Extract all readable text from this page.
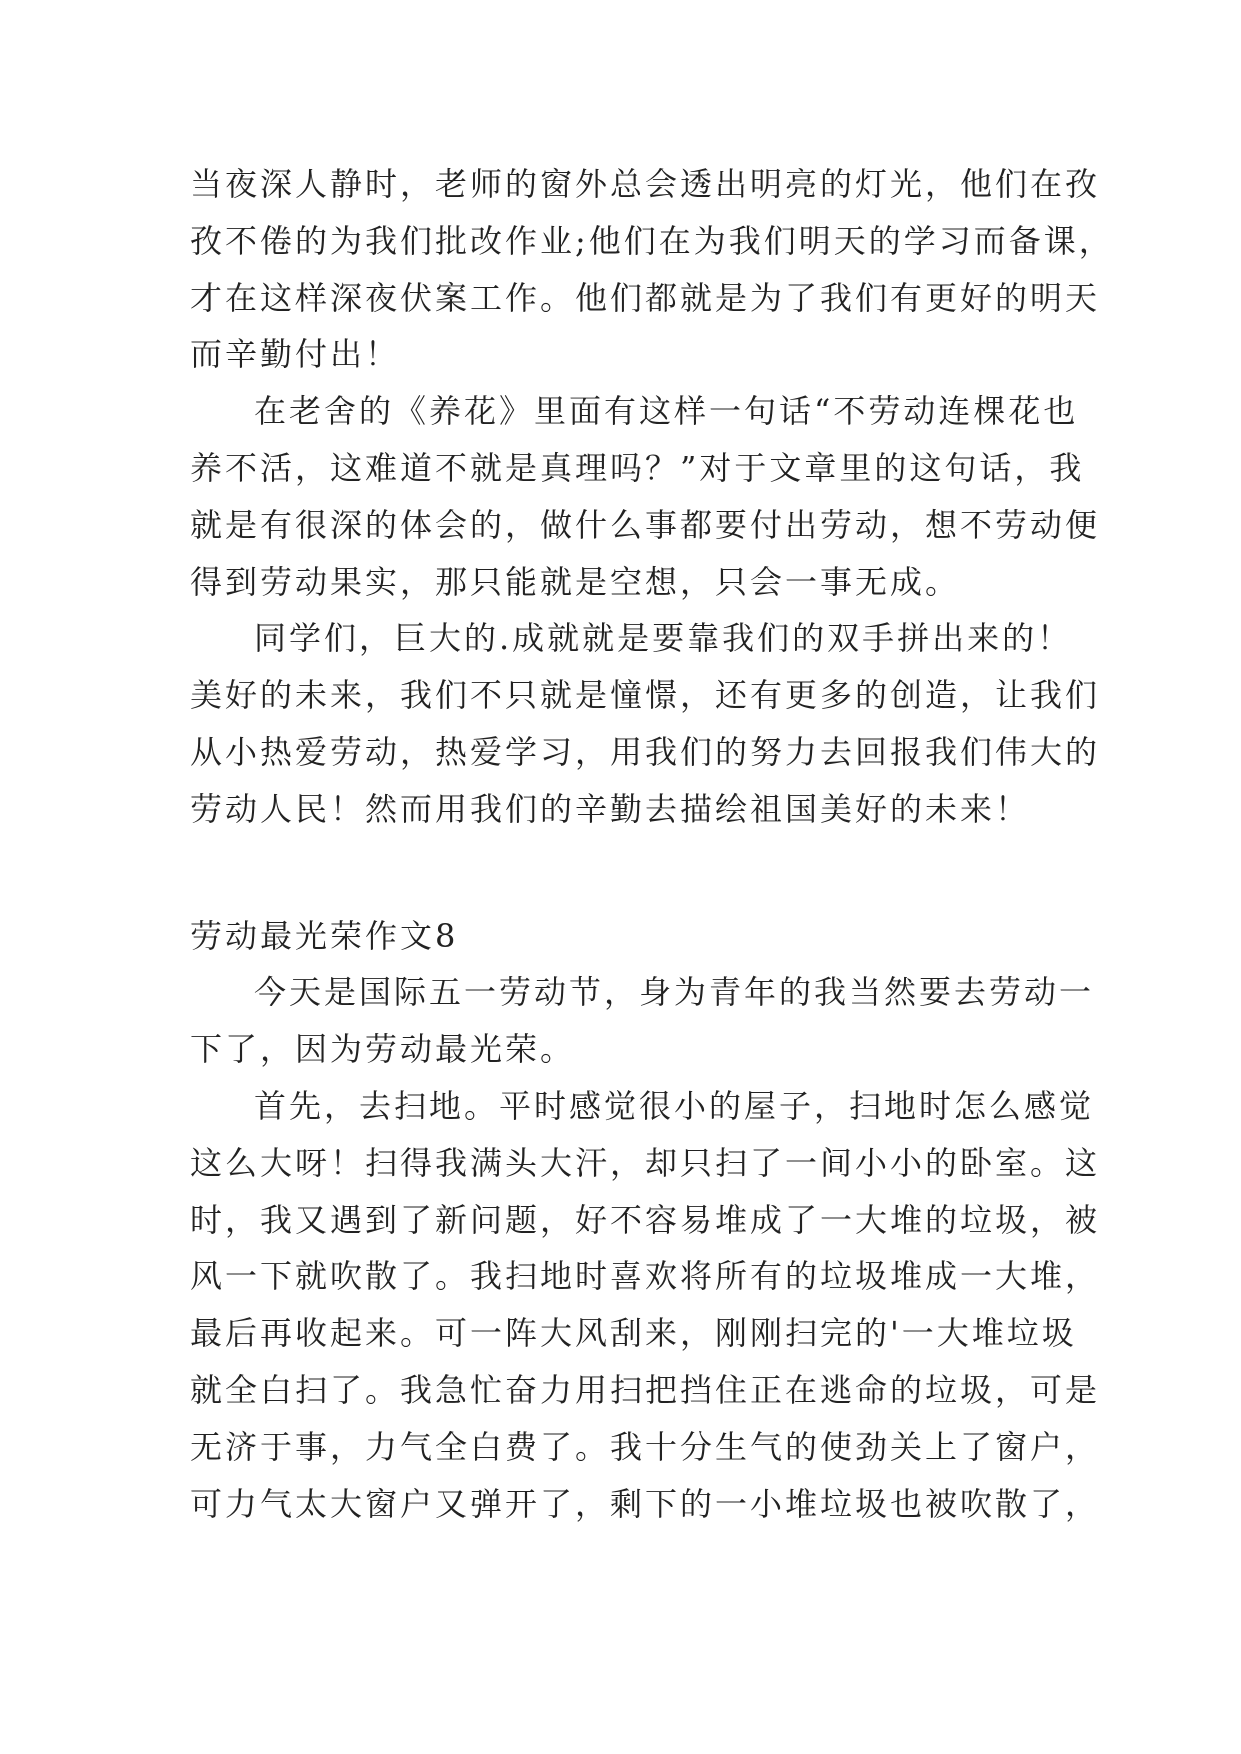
当夜深人静时，老师的窗外总会透出明亮的灯光，他们在孜
孜不倦的为我们批改作业;他们在为我们明天的学习而备课，
才在这样深夜伏案工作。他们都就是为了我们有更好的明天
而辛勤付出！
在老舍的《养花》里面有这样一句话“不劳动连棵花也
养不活，这难道不就是真理吗？”对于文章里的这句话，我
就是有很深的体会的，做什么事都要付出劳动，想不劳动便
得到劳动果实，那只能就是空想，只会一事无成。
同学们，巨大的.成就就是要靠我们的双手拼出来的！
美好的未来，我们不只就是憧憬，还有更多的创造，让我们
从小热爱劳动，热爱学习，用我们的努力去回报我们伟大的
劳动人民！然而用我们的辛勤去描绘祖国美好的未来！
劳动最光荣作文8
今天是国际五一劳动节，身为青年的我当然要去劳动一
下了，因为劳动最光荣。
首先，去扫地。平时感觉很小的屋子，扫地时怎么感觉
这么大呀！扫得我满头大汗，却只扫了一间小小的卧室。这
时，我又遇到了新问题，好不容易堆成了一大堆的垃圾，被
风一下就吹散了。我扫地时喜欢将所有的垃圾堆成一大堆，
最后再收起来。可一阵大风刮来，刚刚扫完的'一大堆垃圾
就全白扫了。我急忙奋力用扫把挡住正在逃命的垃圾，可是
无济于事，力气全白费了。我十分生气的使劲关上了窗户，
可力气太大窗户又弹开了，剩下的一小堆垃圾也被吹散了，
